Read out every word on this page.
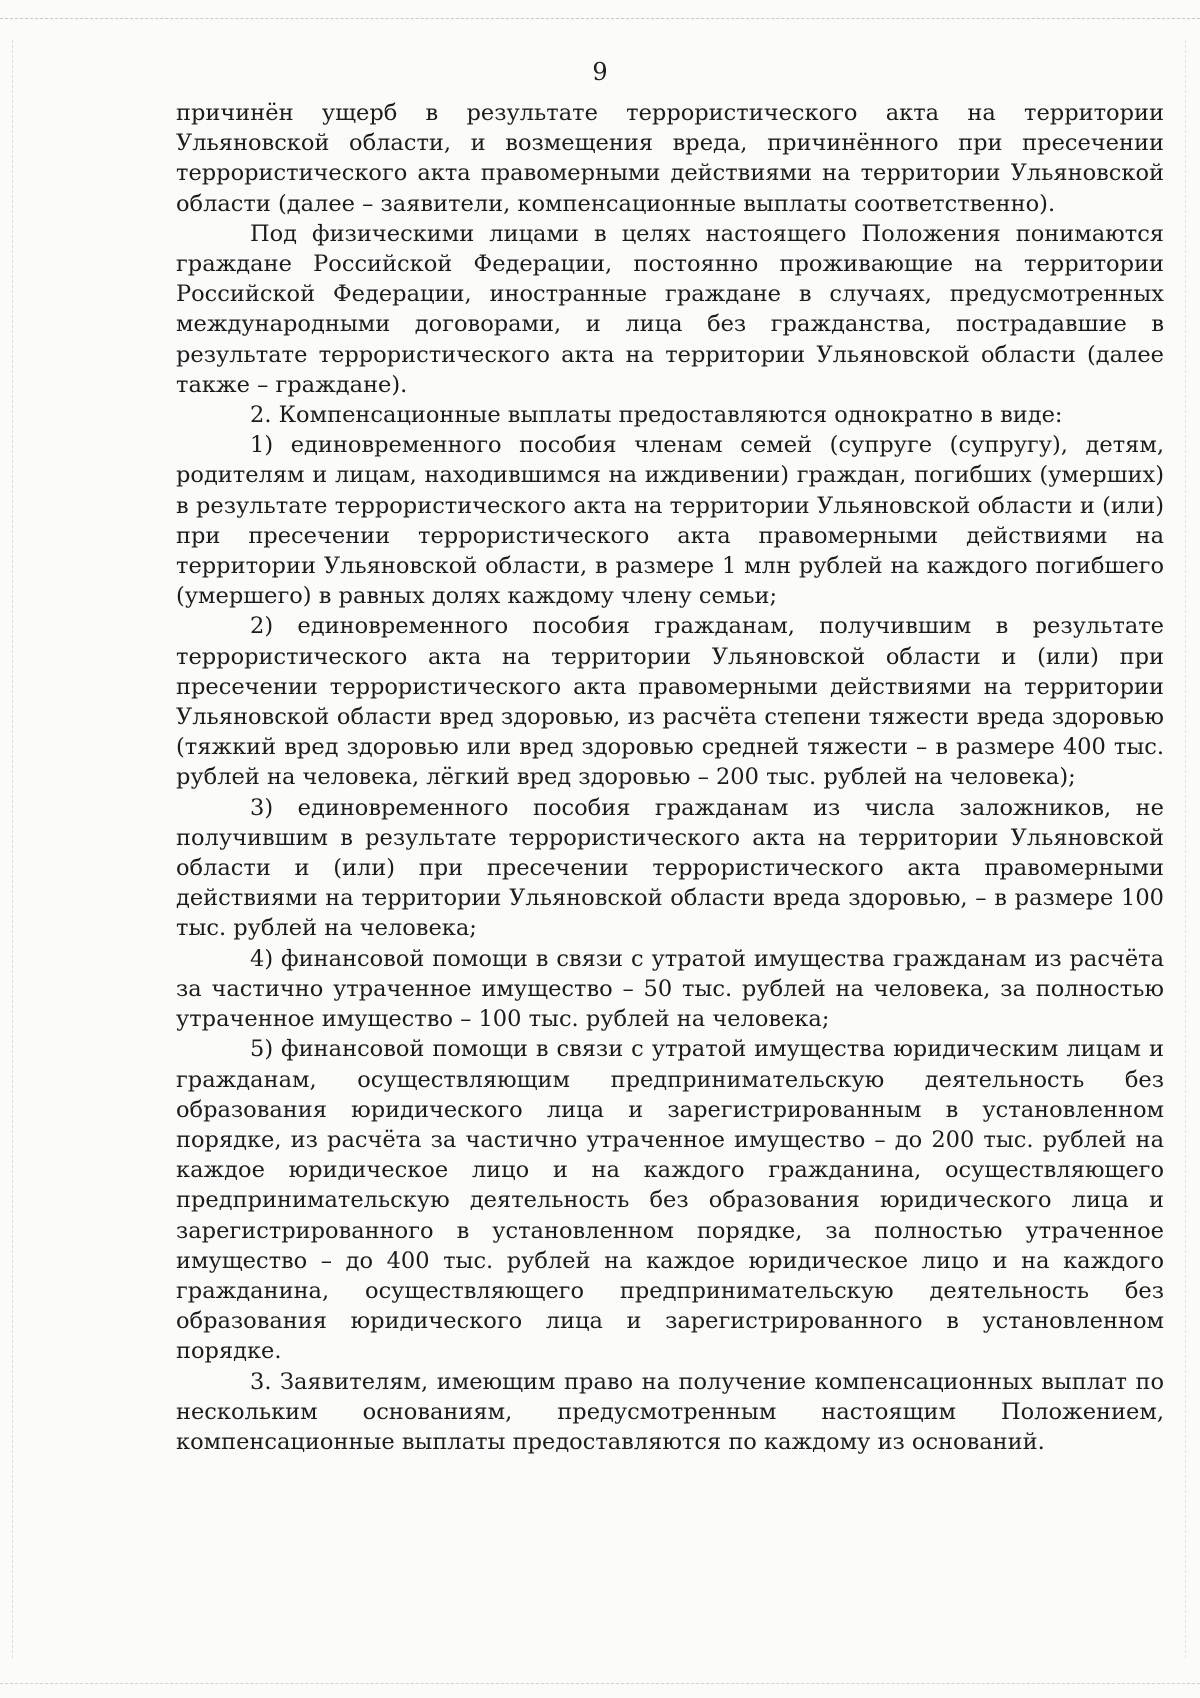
9

причинён ущерб в результате террористического акта на территории Ульяновской области, и возмещения вреда, причинённого при пресечении террористического акта правомерными действиями на территории Ульяновской области (далее – заявители, компенсационные выплаты соответственно).

Под физическими лицами в целях настоящего Положения понимаются граждане Российской Федерации, постоянно проживающие на территории Российской Федерации, иностранные граждане в случаях, предусмотренных международными договорами, и лица без гражданства, пострадавшие в результате террористического акта на территории Ульяновской области (далее также – граждане).

2. Компенсационные выплаты предоставляются однократно в виде:

1) единовременного пособия членам семей (супруге (супругу), детям, родителям и лицам, находившимся на иждивении) граждан, погибших (умерших) в результате террористического акта на территории Ульяновской области и (или) при пресечении террористического акта правомерными действиями на территории Ульяновской области, в размере 1 млн рублей на каждого погибшего (умершего) в равных долях каждому члену семьи;

2) единовременного пособия гражданам, получившим в результате террористического акта на территории Ульяновской области и (или) при пресечении террористического акта правомерными действиями на территории Ульяновской области вред здоровью, из расчёта степени тяжести вреда здоровью (тяжкий вред здоровью или вред здоровью средней тяжести – в размере 400 тыс. рублей на человека, лёгкий вред здоровью – 200 тыс. рублей на человека);

3) единовременного пособия гражданам из числа заложников, не получившим в результате террористического акта на территории Ульяновской области и (или) при пресечении террористического акта правомерными действиями на территории Ульяновской области вреда здоровью, – в размере 100 тыс. рублей на человека;

4) финансовой помощи в связи с утратой имущества гражданам из расчёта за частично утраченное имущество – 50 тыс. рублей на человека, за полностью утраченное имущество – 100 тыс. рублей на человека;

5) финансовой помощи в связи с утратой имущества юридическим лицам и гражданам, осуществляющим предпринимательскую деятельность без образования юридического лица и зарегистрированным в установленном порядке, из расчёта за частично утраченное имущество – до 200 тыс. рублей на каждое юридическое лицо и на каждого гражданина, осуществляющего предпринимательскую деятельность без образования юридического лица и зарегистрированного в установленном порядке, за полностью утраченное имущество – до 400 тыс. рублей на каждое юридическое лицо и на каждого гражданина, осуществляющего предпринимательскую деятельность без образования юридического лица и зарегистрированного в установленном порядке.

3. Заявителям, имеющим право на получение компенсационных выплат по нескольким основаниям, предусмотренным настоящим Положением, компенсационные выплаты предоставляются по каждому из оснований.
